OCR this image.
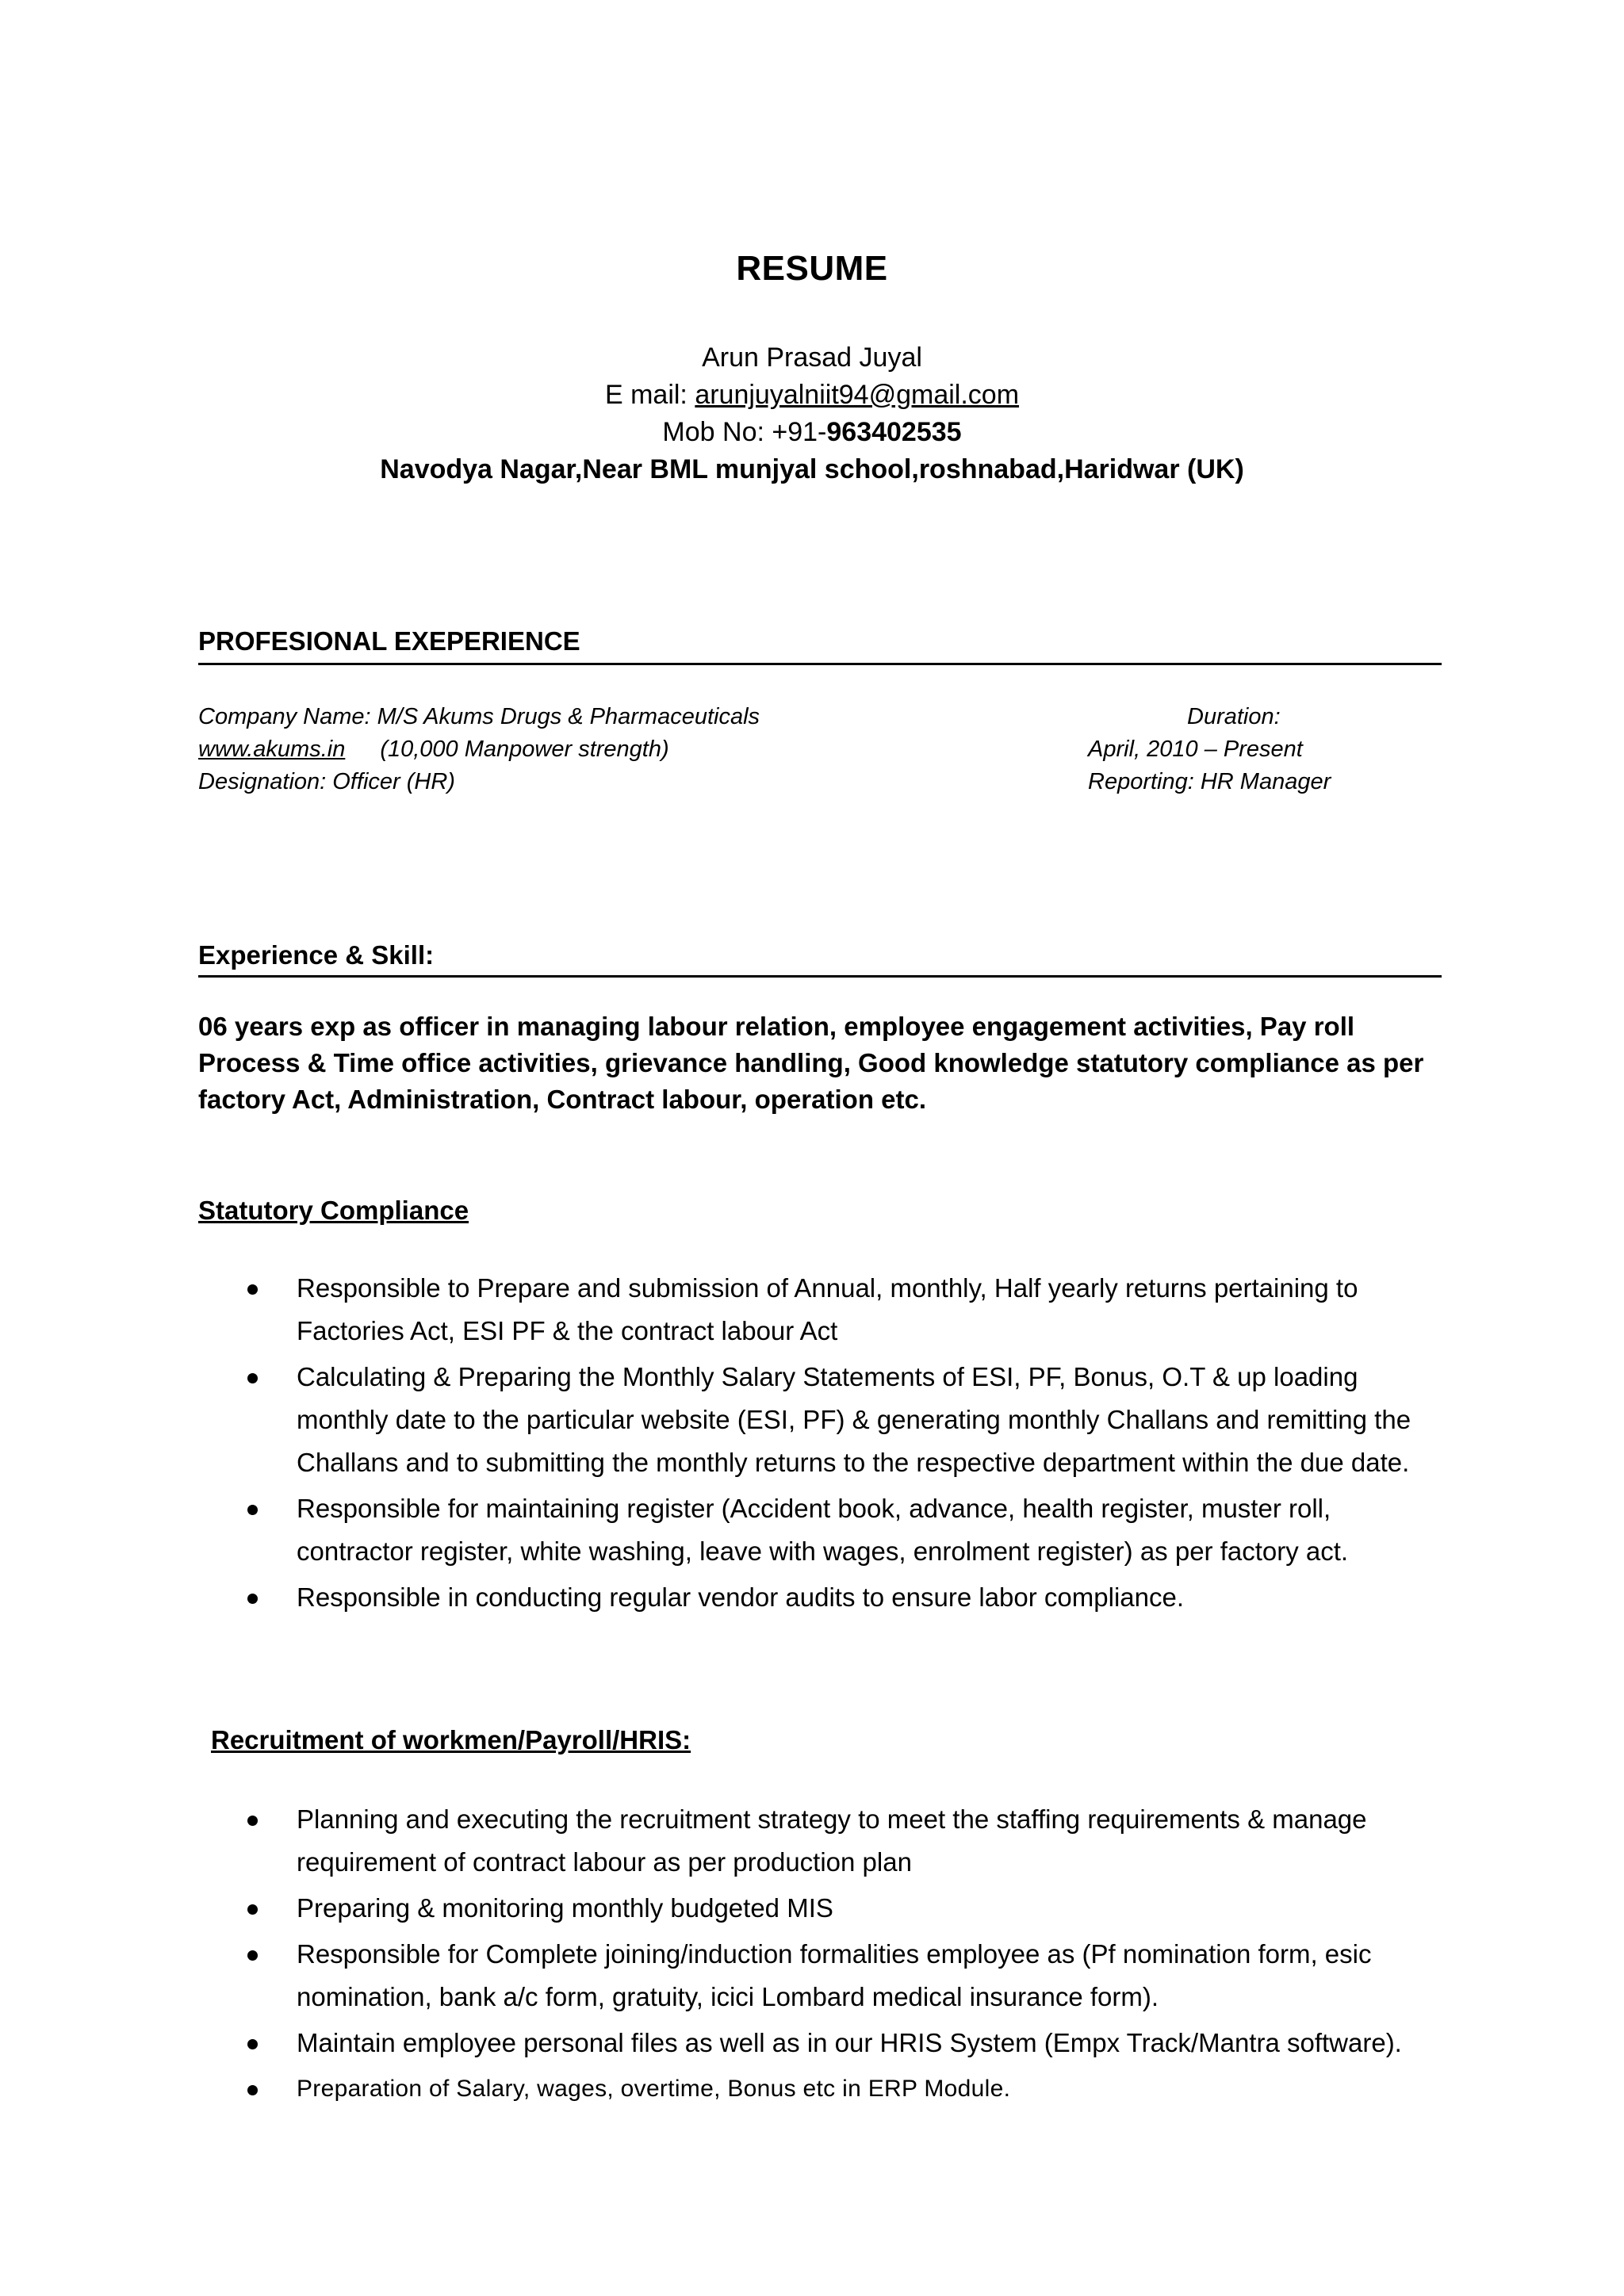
RESUME
Arun Prasad Juyal
E mail: arunjuyalniit94@gmail.com
Mob No: +91-963402535
Navodya Nagar,Near BML munjyal school,roshnabad,Haridwar (UK)
PROFESIONAL EXEPERIENCE
Company Name: M/S Akums Drugs & Pharmaceuticals	Duration:
www.akums.in (10,000 Manpower strength)	April, 2010 – Present
Designation: Officer (HR)	Reporting: HR Manager
Experience & Skill:
06 years exp as officer in managing labour relation, employee engagement activities, Pay roll Process & Time office activities, grievance handling, Good knowledge statutory compliance as per factory Act, Administration, Contract labour, operation etc.
Statutory Compliance
Responsible to Prepare and submission of Annual, monthly, Half yearly returns pertaining to Factories Act, ESI PF & the contract labour Act
Calculating & Preparing the Monthly Salary Statements of ESI, PF, Bonus, O.T & up loading monthly date to the particular website (ESI, PF) & generating monthly Challans and remitting the Challans and to submitting the monthly returns to the respective department within the due date.
Responsible for maintaining register (Accident book, advance, health register, muster roll, contractor register, white washing, leave with wages, enrolment register) as per factory act.
Responsible in conducting regular vendor audits to ensure labor compliance.
Recruitment of workmen/Payroll/HRIS:
Planning and executing the recruitment strategy to meet the staffing requirements & manage requirement of contract labour as per production plan
Preparing & monitoring monthly budgeted MIS
Responsible for Complete joining/induction formalities employee as (Pf nomination form, esic nomination, bank a/c form, gratuity, icici Lombard medical insurance form).
Maintain employee personal files as well as in our HRIS System (Empx Track/Mantra software).
Preparation of Salary, wages, overtime, Bonus etc in ERP Module.
